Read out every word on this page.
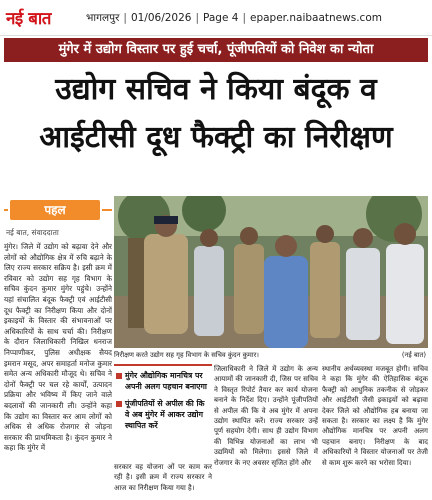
नई बात	भागलपुर | 01/06/2026 | Page 4 | epaper.naibaatnews.com
मुंगेर में उद्योग विस्तार पर हुई चर्चा, पूंजीपतियों को निवेश का न्योता
उद्योग सचिव ने किया बंदूक व
आईटीसी दूध फैक्ट्री का निरीक्षण
पहल
नई बात, संवाददाता
मुंगेर। जिले में उद्योग को बढ़ावा देने और लोगों को औद्योगिक क्षेत्र में रुचि बढ़ाने के लिए राज्य सरकार सक्रिय है। इसी क्रम में रविवार को उद्योग सह गृह विभाग के सचिव कुंदन कुमार मुंगेर पहुंचे। उन्होंने यहां संचालित बंदूक फैक्ट्री एवं आईटीसी दूध फैक्ट्री का निरीक्षण किया और दोनों इकाइयों के विस्तार की संभावनाओं पर अधिकारियों के साथ चर्चा की। निरीक्षण के दौरान जिलाधिकारी निखिल धनराज निप्पाणीकर, पुलिस अधीक्षक सैयद इमरान मसूद, अपर समाहर्ता मनोज कुमार समेत अन्य अधिकारी मौजूद थे। सचिव ने दोनों फैक्ट्री पर चल रहे कार्यों, उत्पादन प्रक्रिया और भविष्य में किए जाने वाले बदलावों की जानकारी ली। उन्होंने कहा कि उद्योग का विस्तार कर आम लोगों को अधिक से अधिक रोजगार से जोड़ना सरकार की प्राथमिकता है। कुंदन कुमार ने कहा कि मुंगेर में
निरीक्षण करते उद्योग सह गृह विभाग के सचिव कुंदन कुमार।	(नई बात)
मुंगेर औद्योगिक मानचित्र पर अपनी अलग पहचान बनाएगा
पूंजीपतियों से अपील की कि वे अब मुंगेर में आकर उद्योग स्थापित करें
सरकार वह योजना ओं पर काम कर रही है। इसी क्रम में राज्य सरकार ने आज का निरीक्षण किया गया है।
जिलाधिकारी ने जिले में उद्योग के अन्य आयामों की जानकारी दी, जिस पर सचिव ने विस्तृत रिपोर्ट तैयार कर कार्य योजना बनाने के निर्देश दिए। उन्होंने पूंजीपतियों से अपील की कि वे अब मुंगेर में अपना उद्योग स्थापित करें। राज्य सरकार उन्हें पूर्ण सहयोग देगी। साथ ही उद्योग विभाग की विभिन्न योजनाओं का लाभ भी उद्यमियों को मिलेगा। इससे जिले में रोजगार के नए अवसर सृजित होंगे और
स्थानीय अर्थव्यवस्था मजबूत होगी। सचिव ने कहा कि मुंगेर की ऐतिहासिक बंदूक फैक्ट्री को आधुनिक तकनीक से जोड़कर और आईटीसी जैसी इकाइयों को बढ़ावा देकर जिले को औद्योगिक हब बनाया जा सकता है। सरकार का लक्ष्य है कि मुंगेर औद्योगिक मानचित्र पर अपनी अलग पहचान बनाए। निरीक्षण के बाद अधिकारियों ने विस्तार योजनाओं पर तेजी से काम शुरू करने का भरोसा दिया।
